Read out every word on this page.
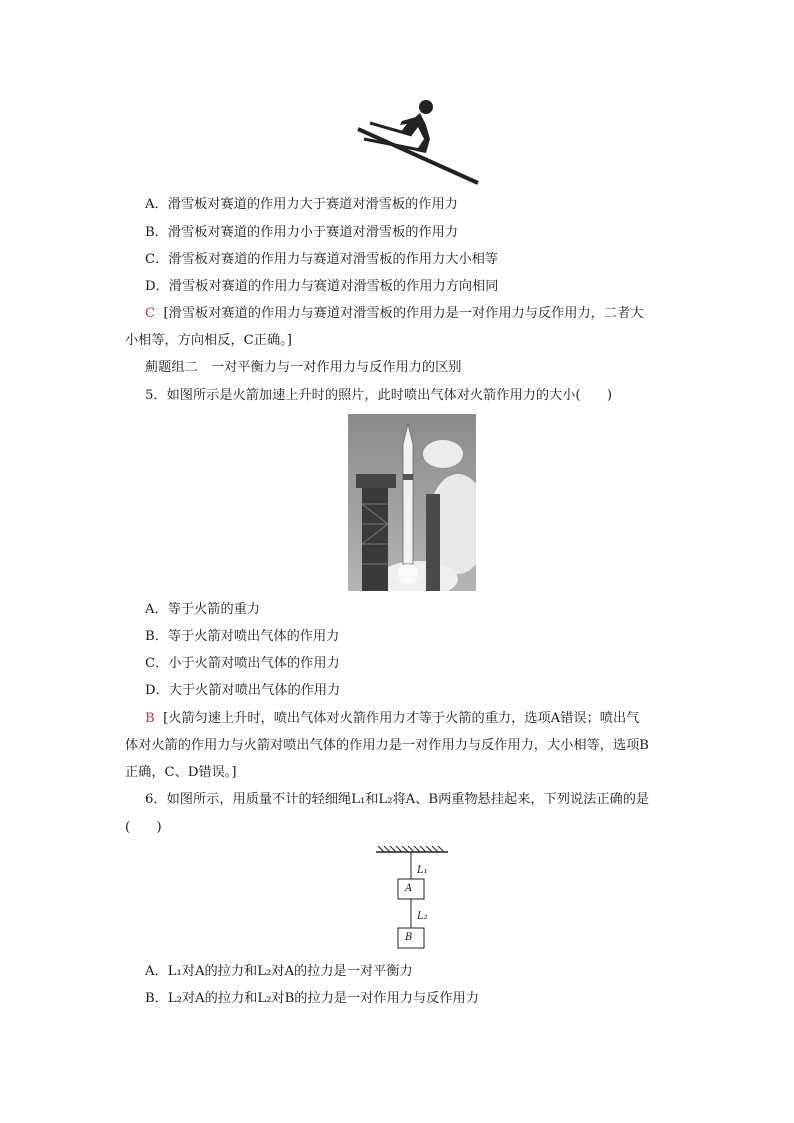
A．滑雪板对赛道的作用力大于赛道对滑雪板的作用力
B．滑雪板对赛道的作用力小于赛道对滑雪板的作用力
C．滑雪板对赛道的作用力与赛道对滑雪板的作用力大小相等
D．滑雪板对赛道的作用力与赛道对滑雪板的作用力方向相同
C [滑雪板对赛道的作用力与赛道对滑雪板的作用力是一对作用力与反作用力，二者大
小相等，方向相反，C正确。]
薊题组二　一对平衡力与一对作用力与反作用力的区别
5．如图所示是火箭加速上升时的照片，此时喷出气体对火箭作用力的大小(　　)
A．等于火箭的重力
B．等于火箭对喷出气体的作用力
C．小于火箭对喷出气体的作用力
D．大于火箭对喷出气体的作用力
B [火箭匀速上升时，喷出气体对火箭作用力才等于火箭的重力，选项A错误；喷出气
体对火箭的作用力与火箭对喷出气体的作用力是一对作用力与反作用力，大小相等，选项B
正确，C、D错误。]
6．如图所示，用质量不计的轻细绳L₁和L₂将A、B两重物悬挂起来，下列说法正确的是
(　　)
L₁
A
L₂
B
A．L₁对A的拉力和L₂对A的拉力是一对平衡力
B．L₂对A的拉力和L₂对B的拉力是一对作用力与反作用力
